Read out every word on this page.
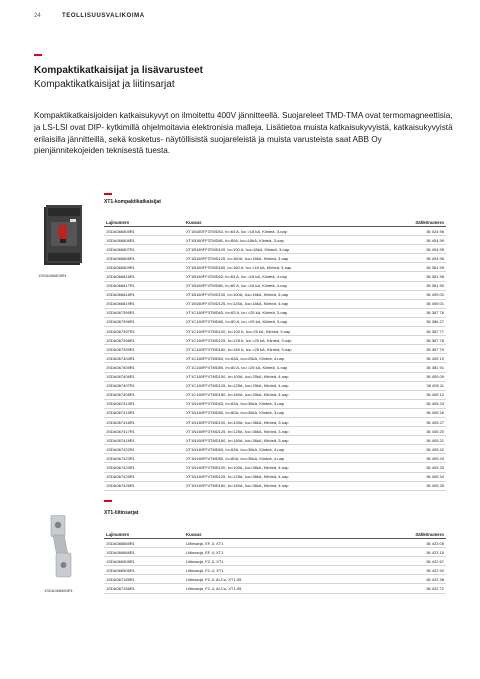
24	TEOLLISUUSVALIKOIMA
Kompaktikatkaisijat ja lisävarusteet
Kompaktikatkaisijat ja liitinsarjat
Kompaktikatkaisijoiden katkaisukyvyt on ilmoitettu 400V jännitteellä. Suojareleet TMD-TMA ovat termomagneettisia, ja LS-LSI ovat DIP- kytkimillä ohjelmoitavia elektronisia malleja. Lisätietoa muista katkaisukyvyistä, katkaisukyvyistä erilaisilla jännitteillä, sekä kosketus- näytöllisistä suojareleistä ja muista varusteista saat ABB Oy pienjännitekojeiden teknisestä tuesta.
XT1-kompaktikatkaisijat
1SDA066805R1
Lajinumero	Kuvaus	Sähkönumero
1SDA066805R1	XT1B160TF3TMD63, In=63 A, Icu =18 kA, Kiinteä, 3-nap	36 024 96
1SDA066806R1	XT1B160FF3TMD80, In=80A, Icu=18kA, Kiinteä, 3-nap	36 404 99
1SDA066807R1	XT1B160FF3TMD100, In=100 A, Icu=18kA, Kiinteä, 3-nap	36 404 95
1SDA066808R1	XT1B160FF3TMD125, In=160A, Icu=18kA, Kiinteä, 3-nap	36 404 96
1SDA066809R1	XT1B160FF3TMD160, In=160 A, Icu =18 kA, Kiinteä, 3-nap	36 381 99
1SDA066816R1	XT1B160FF4TMD63, In=63 A, Icu =18 kA, Kiinteä, 4-nap	36 381 96
1SDA066817R1	XT1B160FF4TMD80, In=80 A, Icu =18 kA, Kiinteä, 4-nap	36 381 90
1SDA066818R1	XT1B160FF4TMD100, In=100A, Icu=18kA, Kiinteä, 4-nap	36 405 00
1SDA066819R1	XT1B160FF4TMD125, In=125A, Icu=18kA, Kiinteä, 4-nap	36 405 01
1SDA067395R1	XT1C160FF3TMD63, In=63 A, Icu =25 kA, Kiinteä, 3-nap	36 387 76
1SDA067396R1	XT1C160FF3TMD80, In=80 A, Icu =25 kA, Kiinteä, 3-nap	36 386 27
1SDA067397R1	XT1C160FF3TMD100, In=100 A, Icu=25 kA, Kiinteä, 3-nap	36 387 77
1SDA067398R1	XT1C160FF3TMD125, In=125 A, Icu =25 kA, Kiinteä, 3-nap	36 387 78
1SDA067399R1	XT1C160FF3TMD160, In=160 A, Icu =25 kA, Kiinteä, 3-nap	36 387 79
1SDA067404R1	XT1C160FF4TMD63, In=63A, Icu=25kA, Kiinteä, 4-nap	36 405 19
1SDA067405R1	XT1C160FF4TMD80, In=80 A, Icu =25 kA, Kiinteä, 4-nap	36 381 91
1SDA067406R1	XT1C160FF4TMD100, In=100A, Icu=25kA, Kiinteä, 4-nap	36 405 09
1SDA067407R1	XT1C160FF4TMD125, In=125A, Icu=25kA, Kiinteä, 4-nap	36 405 11
1SDA067408R1	XT1C160FF4TMD160, In=160A, Icu=25kA, Kiinteä, 4-nap	36 405 12
1SDA067414R1	XT1N160FF3TMD63, In=63A, Icu=36kA, Kiinteä, 3-nap	36 405 24
1SDA067415R1	XT1N160FF3TMD80, In=80A, Icu=36kA, Kiinteä, 3-nap	36 405 26
1SDA067416R1	XT1N160FF3TMD100, In=100A, Icu=36kA, Kiinteä, 3-nap	36 405 27
1SDA067417R1	XT1N160FF3TMD125, In=125A, Icu=36kA, Kiinteä, 3-nap	36 405 20
1SDA067418R1	XT1N160FF3TMD160, In=160A, Icu=36kA, Kiinteä, 3-nap	36 405 21
1SDA067422R1	XT1N160FF4TMD63, In=63A, Icu=36kA, Kiinteä, 4-nap	36 405 42
1SDA067423R1	XT1N160FF4TMD80, In=80A, Icu=36kA, Kiinteä, 4-nap	36 405 43
1SDA067424R1	XT1N160FF4TMD100, In=100A, Icu=36kA, Kiinteä, 4-nap	36 405 33
1SDA067425R1	XT1N160FF4TMD125, In=125A, Icu=36kA, Kiinteä, 4-nap	36 405 34
1SDA067426R1	XT1N160FF4TMD160, In=160A, Icu=36kA, Kiinteä, 4-nap	36 405 35
XT1-liitinsarjat
1SDA066884R1
Lajinumero	Kuvaus	Sähkönumero
1SDA066865R1	Liitinsarja, EF-3, XT1	36 423 05
1SDA066866R1	Liitinsarja, EF-4, XT1	36 423 15
1SDA066905R1	Liitinsarja, FC-3, XT1	36 422 67
1SDA066906R1	Liitinsarja, FC-4, XT1	36 422 92
1SDA067155R1	Liitinsarja, FC-3, Al-Cu, XT1-95	36 422 38
1SDA067156R1	Liitinsarja, FC-4, Al-Cu, XT1-95	36 422 72
